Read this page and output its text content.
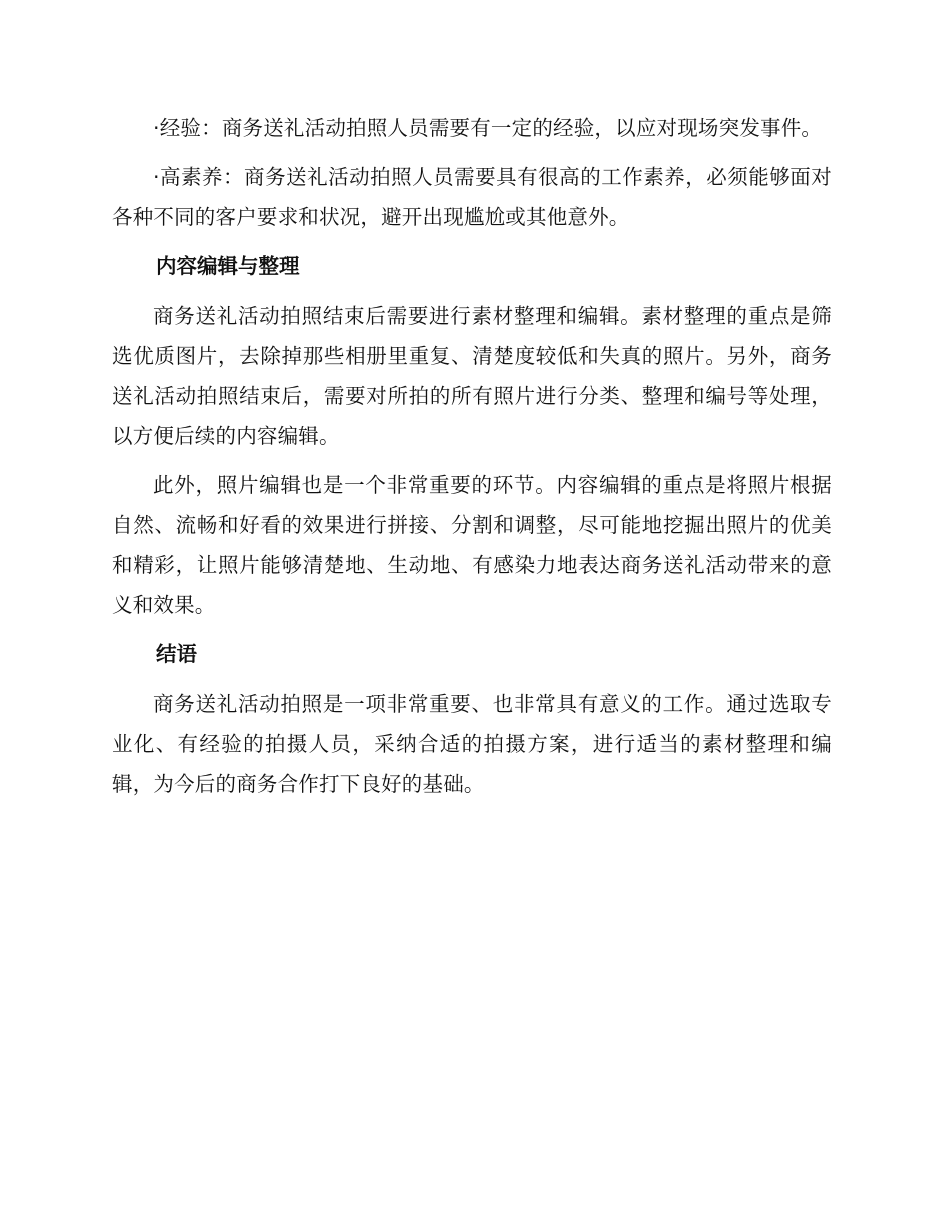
·经验：商务送礼活动拍照人员需要有一定的经验，以应对现场突发事件。

·高素养：商务送礼活动拍照人员需要具有很高的工作素养，必须能够面对各种不同的客户要求和状况，避开出现尴尬或其他意外。

内容编辑与整理

商务送礼活动拍照结束后需要进行素材整理和编辑。素材整理的重点是筛选优质图片，去除掉那些相册里重复、清楚度较低和失真的照片。另外，商务送礼活动拍照结束后，需要对所拍的所有照片进行分类、整理和编号等处理，以方便后续的内容编辑。

此外，照片编辑也是一个非常重要的环节。内容编辑的重点是将照片根据自然、流畅和好看的效果进行拼接、分割和调整，尽可能地挖掘出照片的优美和精彩，让照片能够清楚地、生动地、有感染力地表达商务送礼活动带来的意义和效果。

结语

商务送礼活动拍照是一项非常重要、也非常具有意义的工作。通过选取专业化、有经验的拍摄人员，采纳合适的拍摄方案，进行适当的素材整理和编辑，为今后的商务合作打下良好的基础。
